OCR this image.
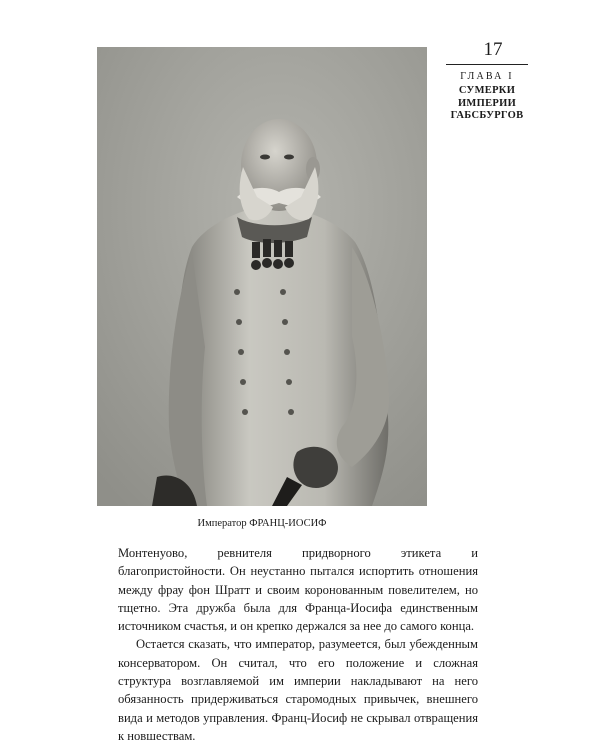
17
ГЛАВА I
СУМЕРКИ
ИМПЕРИИ
ГАБСБУРГОВ
Император ФРАНЦ-ИОСИФ

Монтенуово, ревнителя придворного этикета и благопристойности. Он неустанно пытался испортить отношения между фрау фон Шратт и своим коронованным повелителем, но тщетно. Эта дружба была для Франца-Иосифа единственным источником счастья, и он крепко держался за нее до самого конца.

Остается сказать, что император, разумеется, был убежденным консерватором. Он считал, что его положение и сложная структура возглавляемой им империи накладывают на него обязанность придерживаться старомодных привычек, внешнего вида и методов управления. Франц-Иосиф не скрывал отвращения к новшествам.
